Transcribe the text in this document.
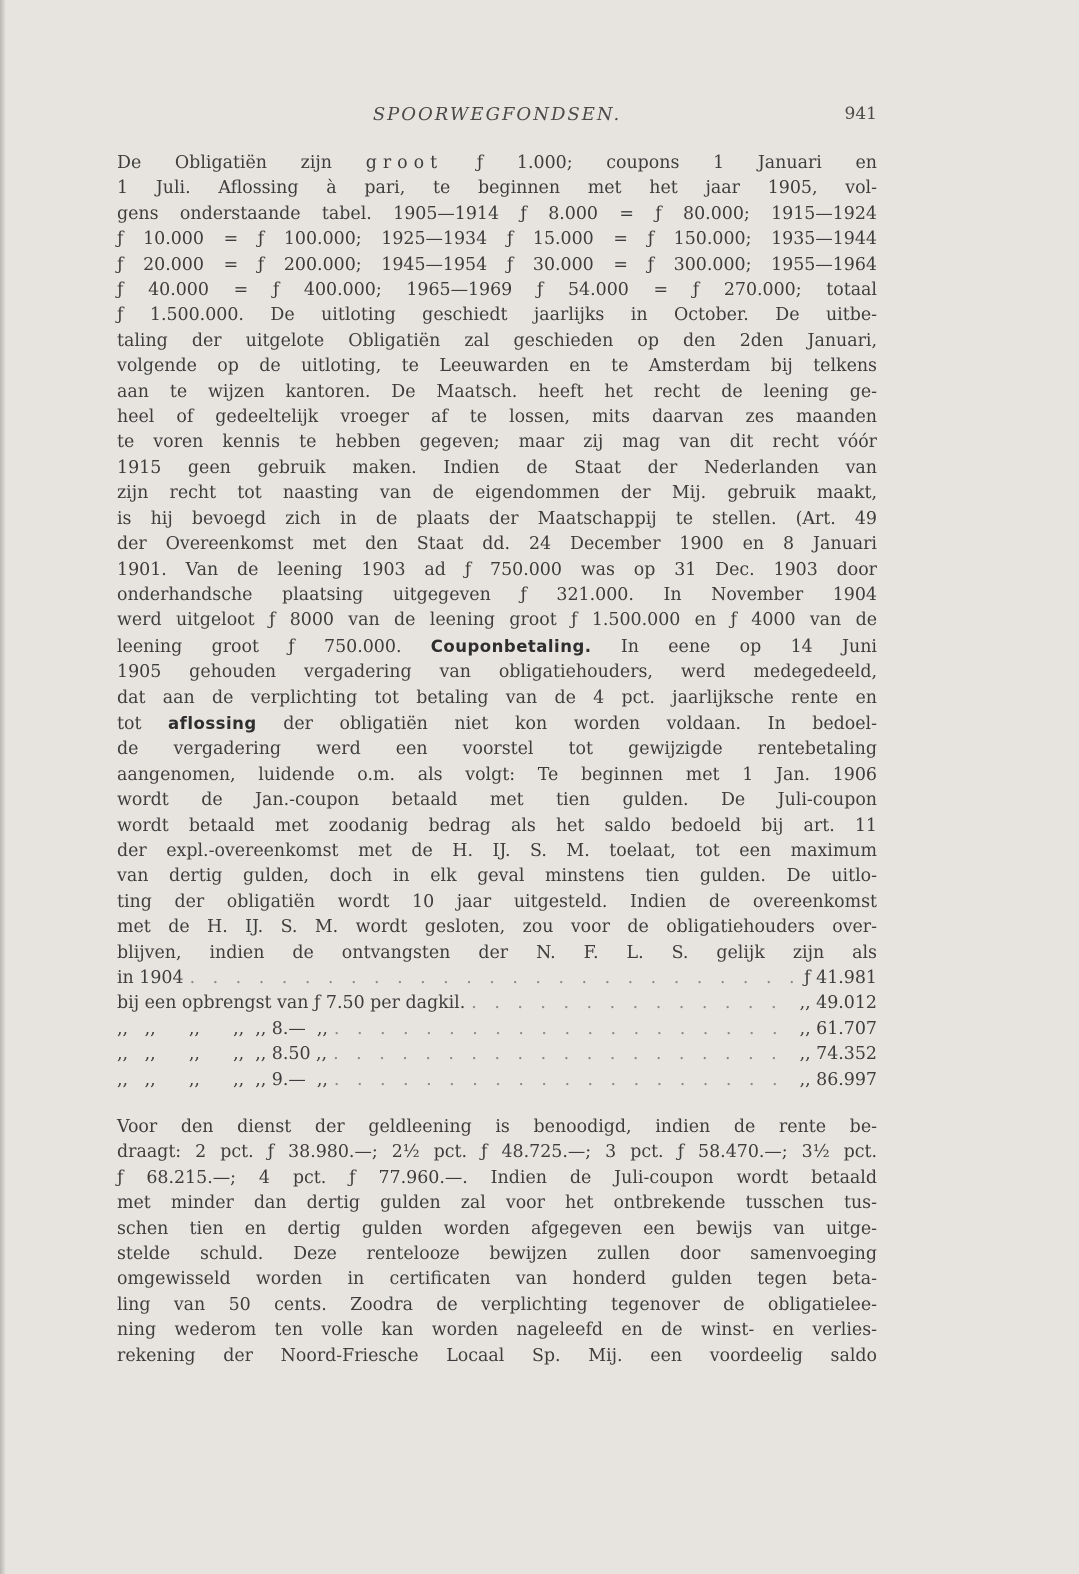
SPOORWEGFONDSEN.	941
De Obligatiën zijn groot ƒ 1.000; coupons 1 Januari en
1 Juli. Aflossing à pari, te beginnen met het jaar 1905, vol-
gens onderstaande tabel. 1905—1914 ƒ 8.000 = ƒ 80.000; 1915—1924
ƒ 10.000 = ƒ 100.000; 1925—1934 ƒ 15.000 = ƒ 150.000; 1935—1944
ƒ 20.000 = ƒ 200.000; 1945—1954 ƒ 30.000 = ƒ 300.000; 1955—1964
ƒ 40.000 = ƒ 400.000; 1965—1969 ƒ 54.000 = ƒ 270.000; totaal
ƒ 1.500.000. De uitloting geschiedt jaarlijks in October. De uitbe-
taling der uitgelote Obligatiën zal geschieden op den 2den Januari,
volgende op de uitloting, te Leeuwarden en te Amsterdam bij telkens
aan te wijzen kantoren. De Maatsch. heeft het recht de leening ge-
heel of gedeeltelijk vroeger af te lossen, mits daarvan zes maanden
te voren kennis te hebben gegeven; maar zij mag van dit recht vóór
1915 geen gebruik maken. Indien de Staat der Nederlanden van
zijn recht tot naasting van de eigendommen der Mij. gebruik maakt,
is hij bevoegd zich in de plaats der Maatschappij te stellen. (Art. 49
der Overeenkomst met den Staat dd. 24 December 1900 en 8 Januari
1901. Van de leening 1903 ad ƒ 750.000 was op 31 Dec. 1903 door
onderhandsche plaatsing uitgegeven ƒ 321.000. In November 1904
werd uitgeloot ƒ 8000 van de leening groot ƒ 1.500.000 en ƒ 4000 van de
leening groot ƒ 750.000. Couponbetaling. In eene op 14 Juni
1905 gehouden vergadering van obligatiehouders, werd medegedeeld,
dat aan de verplichting tot betaling van de 4 pct. jaarlijksche rente en
tot aflossing der obligatiën niet kon worden voldaan. In bedoel-
de vergadering werd een voorstel tot gewijzigde rentebetaling
aangenomen, luidende o.m. als volgt: Te beginnen met 1 Jan. 1906
wordt de Jan.-coupon betaald met tien gulden. De Juli-coupon
wordt betaald met zoodanig bedrag als het saldo bedoeld bij art. 11
der expl.-overeenkomst met de H. IJ. S. M. toelaat, tot een maximum
van dertig gulden, doch in elk geval minstens tien gulden. De uitlo-
ting der obligatiën wordt 10 jaar uitgesteld. Indien de overeenkomst
met de H. IJ. S. M. wordt gesloten, zou voor de obligatiehouders over-
blijven, indien de ontvangsten der N. F. L. S. gelijk zijn als
in 1904 . . .	ƒ 41.981
bij een opbrengst van ƒ 7.50 per dagkil. . . .	,, 49.012
,,   ,,      ,,      ,,  ,, 8.—  ,, . . .	,, 61.707
,,   ,,      ,,      ,,  ,, 8.50 ,, . . .	,, 74.352
,,   ,,      ,,      ,,  ,, 9.—  ,, . . .	,, 86.997
Voor den dienst der geldleening is benoodigd, indien de rente be-
draagt: 2 pct. ƒ 38.980.—; 2½ pct. ƒ 48.725.—; 3 pct. ƒ 58.470.—; 3½ pct.
ƒ 68.215.—; 4 pct. ƒ 77.960.—. Indien de Juli-coupon wordt betaald
met minder dan dertig gulden zal voor het ontbrekende tusschen tus-
schen tien en dertig gulden worden afgegeven een bewijs van uitge-
stelde schuld. Deze rentelooze bewijzen zullen door samenvoeging
omgewisseld worden in certificaten van honderd gulden tegen beta-
ling van 50 cents. Zoodra de verplichting tegenover de obligatielee-
ning wederom ten volle kan worden nageleefd en de winst- en verlies-
rekening der Noord-Friesche Locaal Sp. Mij. een voordeelig saldo
